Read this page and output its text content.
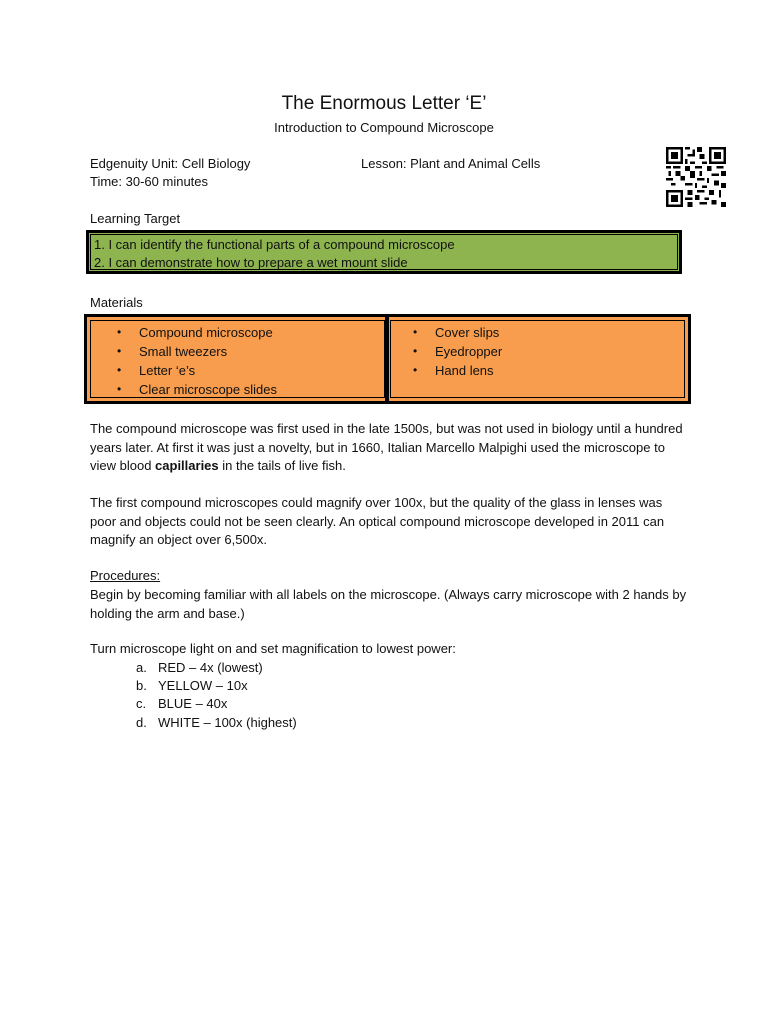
The Enormous Letter ‘E’
Introduction to Compound Microscope
Edgenuity Unit: Cell Biology	Lesson: Plant and Animal Cells
Time: 30-60 minutes
Learning Target
1. I can identify the functional parts of a compound microscope
2. I can demonstrate how to prepare a wet mount slide
Materials
• Compound microscope
• Small tweezers
• Letter ‘e’s
• Clear microscope slides
• Cover slips
• Eyedropper
• Hand lens
The compound microscope was first used in the late 1500s, but was not used in biology until a hundred years later. At first it was just a novelty, but in 1660, Italian Marcello Malpighi used the microscope to view blood capillaries in the tails of live fish.
The first compound microscopes could magnify over 100x, but the quality of the glass in lenses was poor and objects could not be seen clearly. An optical compound microscope developed in 2011 can magnify an object over 6,500x.
Procedures:
Begin by becoming familiar with all labels on the microscope. (Always carry microscope with 2 hands by holding the arm and base.)
Turn microscope light on and set magnification to lowest power:
a. RED – 4x (lowest)
b. YELLOW – 10x
c. BLUE – 40x
d. WHITE – 100x (highest)
